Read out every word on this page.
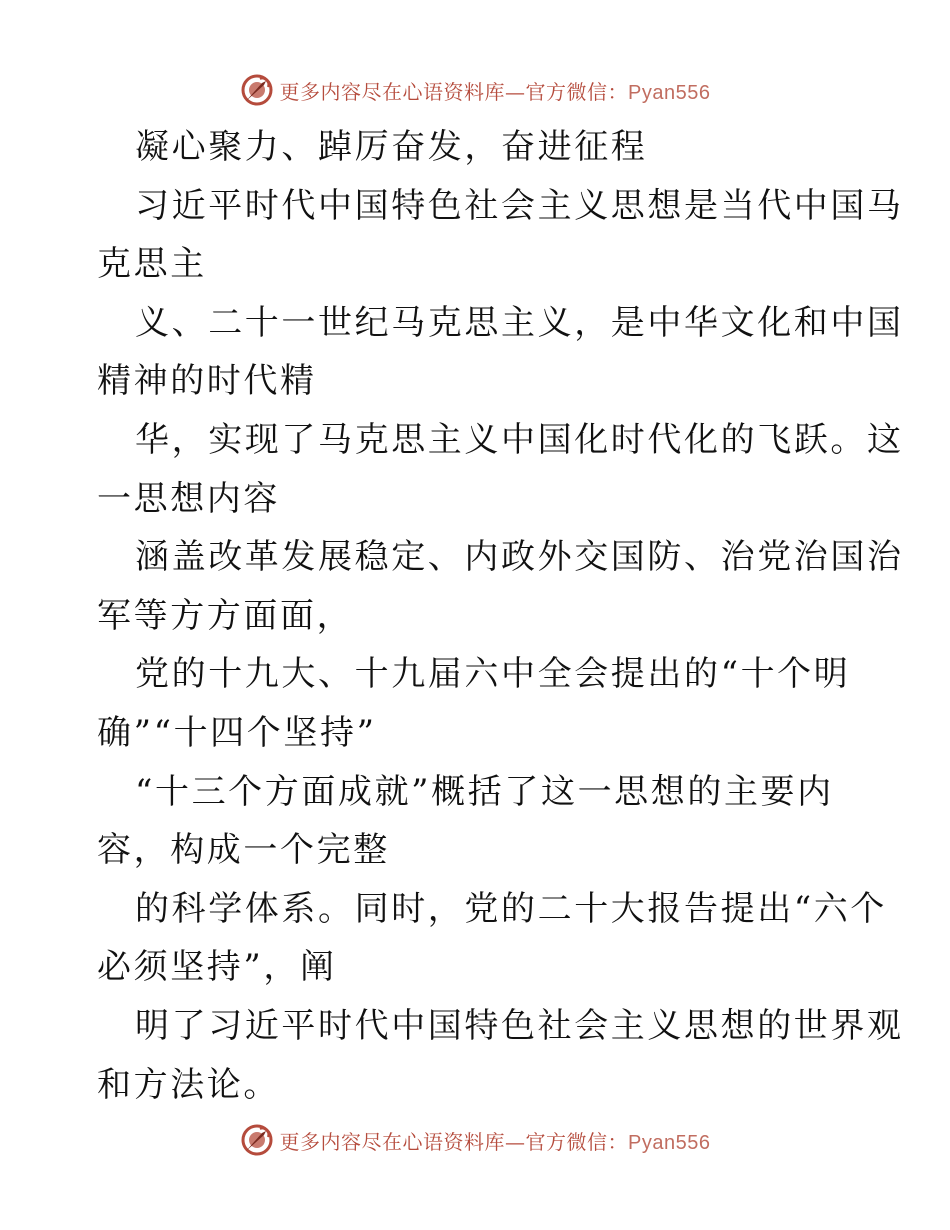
更多内容尽在心语资料库—官方微信：Pyan556
凝心聚力、踔厉奋发，奋进征程
习近平时代中国特色社会主义思想是当代中国马
克思主
义、二十一世纪马克思主义，是中华文化和中国
精神的时代精
华，实现了马克思主义中国化时代化的飞跃。这
一思想内容
涵盖改革发展稳定、内政外交国防、治党治国治
军等方方面面，
党的十九大、十九届六中全会提出的“十个明
确”“十四个坚持”
“十三个方面成就”概括了这一思想的主要内
容，构成一个完整
的科学体系。同时，党的二十大报告提出“六个
必须坚持”，阐
明了习近平时代中国特色社会主义思想的世界观
和方法论。
更多内容尽在心语资料库—官方微信：Pyan556
